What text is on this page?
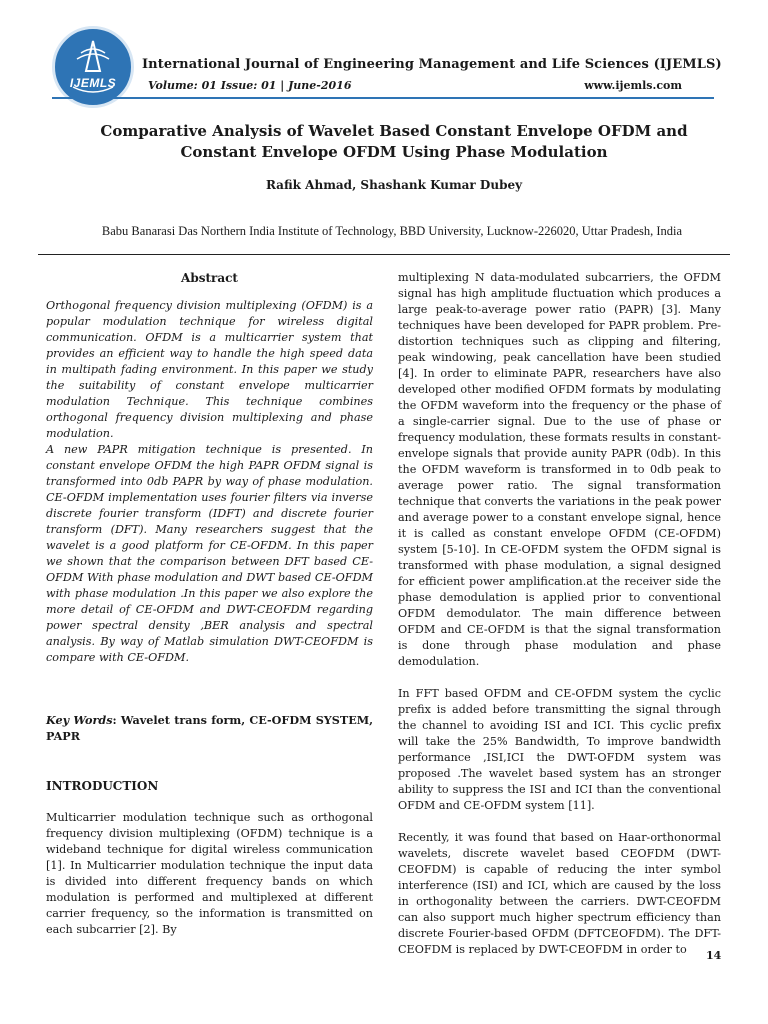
IJEMLS
International Journal of Engineering Management and Life Sciences (IJEMLS)
Volume: 01 Issue: 01 | June-2016	www.ijemls.com
Comparative Analysis of Wavelet Based Constant Envelope OFDM and
Constant Envelope OFDM Using Phase Modulation
Rafik Ahmad, Shashank Kumar Dubey
Babu Banarasi Das Northern India Institute of Technology, BBD University, Lucknow-226020, Uttar Pradesh, India
Abstract

Orthogonal frequency division multiplexing (OFDM) is a popular modulation technique for wireless digital communication. OFDM is a multicarrier system that provides an efficient way to handle the high speed data in multipath fading environment. In this paper we study the suitability of constant envelope multicarrier modulation Technique. This technique combines orthogonal frequency division multiplexing and phase modulation.

A new PAPR mitigation technique is presented. In constant envelope OFDM the high PAPR OFDM signal is transformed into 0db PAPR by way of phase modulation. CE-OFDM implementation uses fourier filters via inverse discrete fourier transform (IDFT) and discrete fourier transform (DFT). Many researchers suggest that the wavelet is a good platform for CE-OFDM. In this paper we shown that the comparison between DFT based CE-OFDM With phase modulation and DWT based CE-OFDM with phase modulation .In this paper we also explore the more detail of CE-OFDM and DWT-CEOFDM regarding power spectral density ,BER analysis and spectral analysis. By way of Matlab simulation DWT-CEOFDM is compare with CE-OFDM.

Key Words: Wavelet trans form, CE-OFDM SYSTEM, PAPR

INTRODUCTION

Multicarrier modulation technique such as orthogonal frequency division multiplexing (OFDM) technique is a wideband technique for digital wireless communication [1]. In Multicarrier modulation technique the input data is divided into different frequency bands on which modulation is performed and multiplexed at different carrier frequency, so the information is transmitted on each subcarrier [2]. By

multiplexing N data-modulated subcarriers, the OFDM signal has high amplitude fluctuation which produces a large peak-to-average power ratio (PAPR) [3]. Many techniques have been developed for PAPR problem. Pre-distortion techniques such as clipping and filtering, peak windowing, peak cancellation have been studied [4]. In order to eliminate PAPR, researchers have also developed other modified OFDM formats by modulating the OFDM waveform into the frequency or the phase of a single-carrier signal. Due to the use of phase or frequency modulation, these formats results in constant-envelope signals that provide aunity PAPR (0db). In this the OFDM waveform is transformed in to 0db peak to average power ratio. The signal transformation technique that converts the variations in the peak power and average power to a constant envelope signal, hence it is called as constant envelope OFDM (CE-OFDM) system [5-10]. In CE-OFDM system the OFDM signal is transformed with phase modulation, a signal designed for efficient power amplification.at the receiver side the phase demodulation is applied prior to conventional OFDM demodulator. The main difference between OFDM and CE-OFDM is that the signal transformation is done through phase modulation and phase demodulation.

In FFT based OFDM and CE-OFDM system the cyclic prefix is added before transmitting the signal through the channel to avoiding ISI and ICI. This cyclic prefix will take the 25% Bandwidth, To improve bandwidth performance ,ISI,ICI the DWT-OFDM system was proposed .The wavelet based system has an stronger ability to suppress the ISI and ICI than the conventional OFDM and CE-OFDM system [11].

Recently, it was found that based on Haar-orthonormal wavelets, discrete wavelet based CEOFDM (DWT-CEOFDM) is capable of reducing the inter symbol interference (ISI) and ICI, which are caused by the loss in orthogonality between the carriers. DWT-CEOFDM can also support much higher spectrum efficiency than discrete Fourier-based OFDM (DFTCEOFDM). The DFT-CEOFDM is replaced by DWT-CEOFDM in order to	14
